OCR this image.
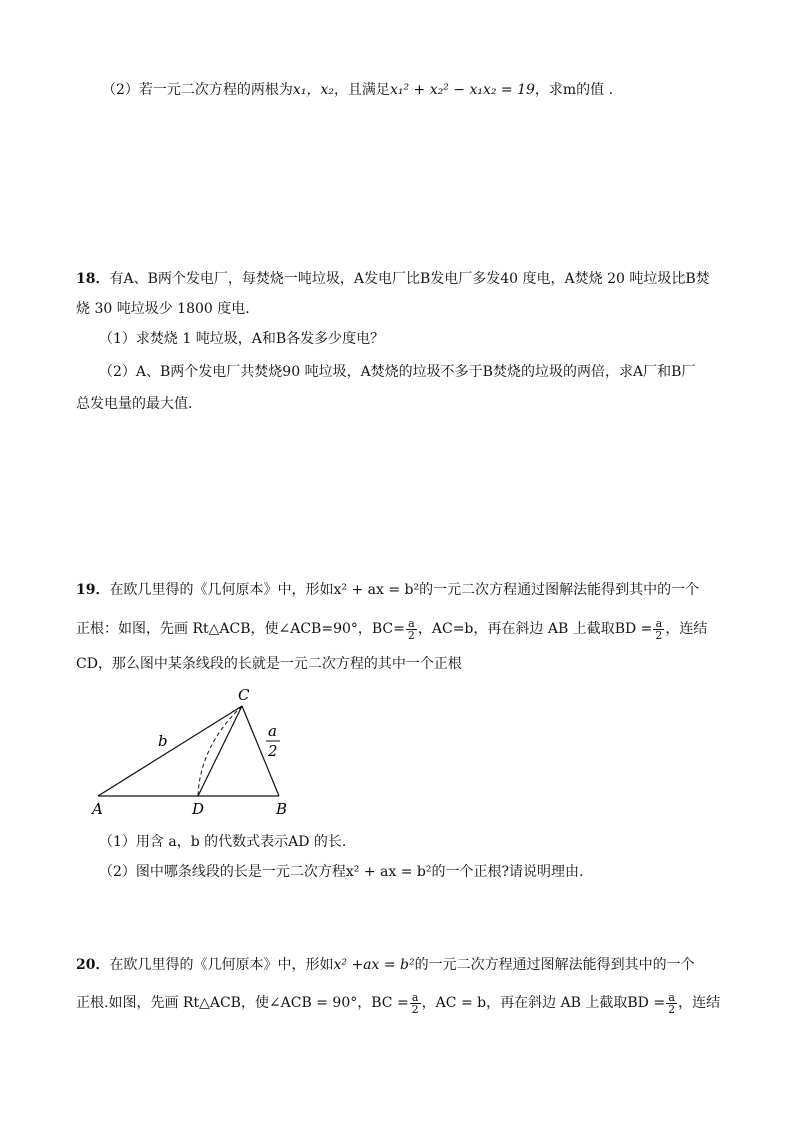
（2）若一元二次方程的两根为x₁，x₂，且满足x₁² + x₂² − x₁x₂ = 19，求m的值 .
18．有A、B两个发电厂，每焚烧一吨垃圾，A发电厂比B发电厂多发40 度电，A焚烧 20 吨垃圾比B焚
烧 30 吨垃圾少 1800 度电.
（1）求焚烧 1 吨垃圾，A和B各发多少度电？
（2）A、B两个发电厂共焚烧90 吨垃圾，A焚烧的垃圾不多于B焚烧的垃圾的两倍，求A厂和B厂
总发电量的最大值.
19．在欧几里得的《几何原本》中，形如x² + ax = b²的一元二次方程通过图解法能得到其中的一个
正根：如图，先画 Rt△ACB，使∠ACB=90°，$BC= \frac{a}{2}$ ，AC=b，再在斜边 AB 上截取BD = $\frac{a}{2}$ ，连结
CD，那么图中某条线段的长就是一元二次方程的其中一个正根
A	D	B
C
b
a
2
（1）用含 a，b 的代数式表示AD 的长.
（2）图中哪条线段的长是一元二次方程x² + ax = b²的一个正根?请说明理由.
20．在欧几里得的《几何原本》中，形如x² +ax = b²的一元二次方程通过图解法能得到其中的一个
正根.如图，先画 Rt△ACB，使∠ACB = 90°，BC = $\frac{a}{2}$ ，AC = b，再在斜边 AB 上截取BD = $\frac{a}{2}$ ，连结
